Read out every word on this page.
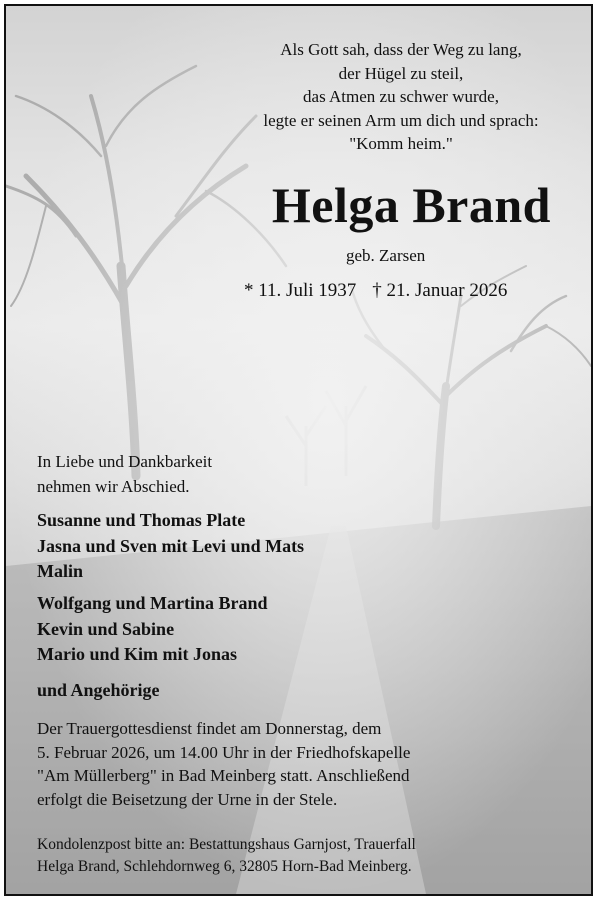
Als Gott sah, dass der Weg zu lang,
der Hügel zu steil,
das Atmen zu schwer wurde,
legte er seinen Arm um dich und sprach:
"Komm heim."
Helga Brand
geb. Zarsen
* 11. Juli 1937 † 21. Januar 2026
In Liebe und Dankbarkeit
nehmen wir Abschied.
Susanne und Thomas Plate
Jasna und Sven mit Levi und Mats
Malin
Wolfgang und Martina Brand
Kevin und Sabine
Mario und Kim mit Jonas
und Angehörige
Der Trauergottesdienst findet am Donnerstag, dem
5. Februar 2026, um 14.00 Uhr in der Friedhofskapelle
"Am Müllerberg" in Bad Meinberg statt. Anschließend
erfolgt die Beisetzung der Urne in der Stele.
Kondolenzpost bitte an: Bestattungshaus Garnjost, Trauerfall
Helga Brand, Schlehdornweg 6, 32805 Horn-Bad Meinberg.
